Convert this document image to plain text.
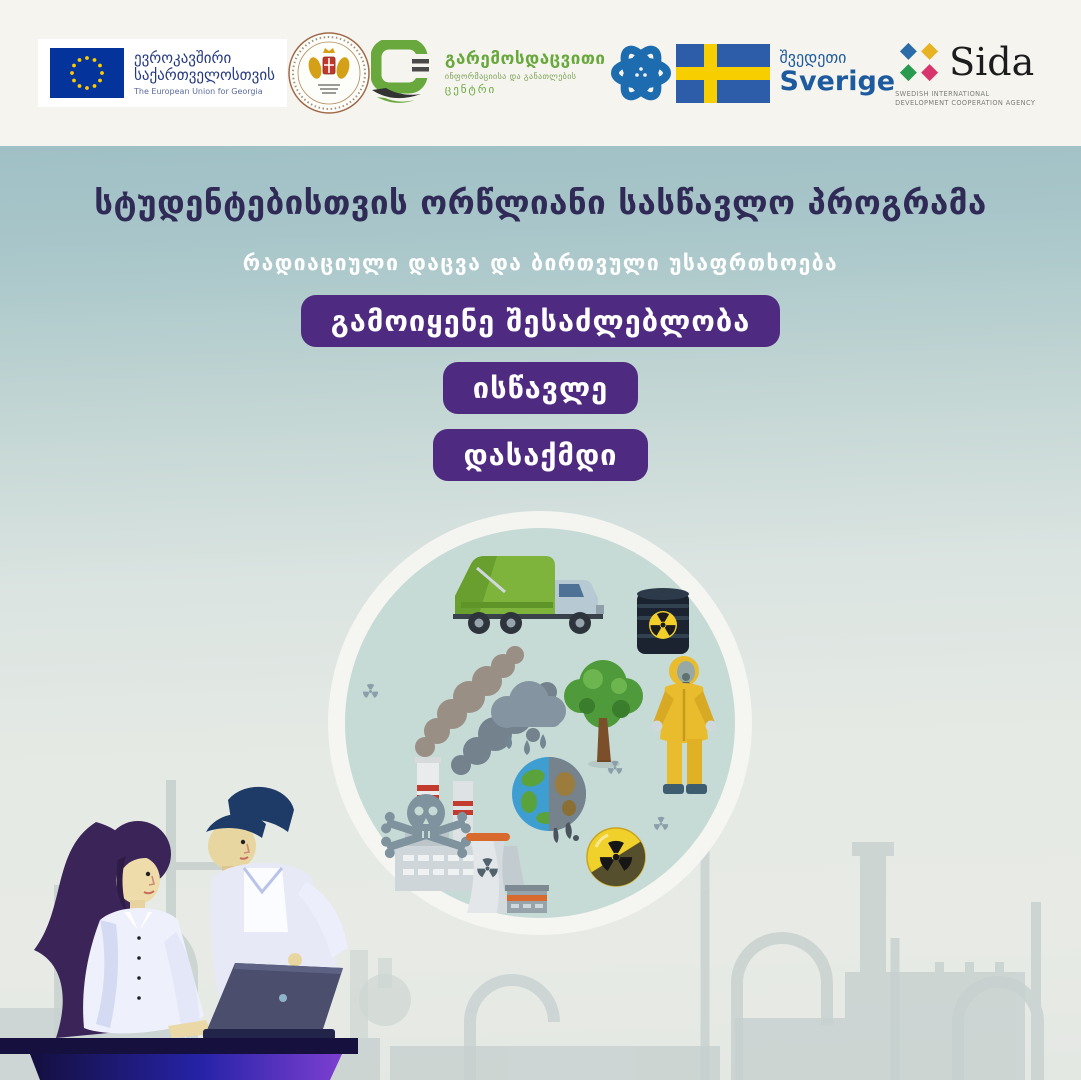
ევროკავშირი
საქართველოსთვის
The European Union for Georgia
გარემოსდაცვითი
ინფორმაციისა და განათლების
ცენტრი
შვედეთი
Sverige Sida
SWEDISH INTERNATIONAL DEVELOPMENT COOPERATION AGENCY
სტუდენტებისთვის ორწლიანი სასწავლო პროგრამა
რადიაციული დაცვა და ბირთვული უსაფრთხოება
გამოიყენე შესაძლებლობა
ისწავლე
დასაქმდი
